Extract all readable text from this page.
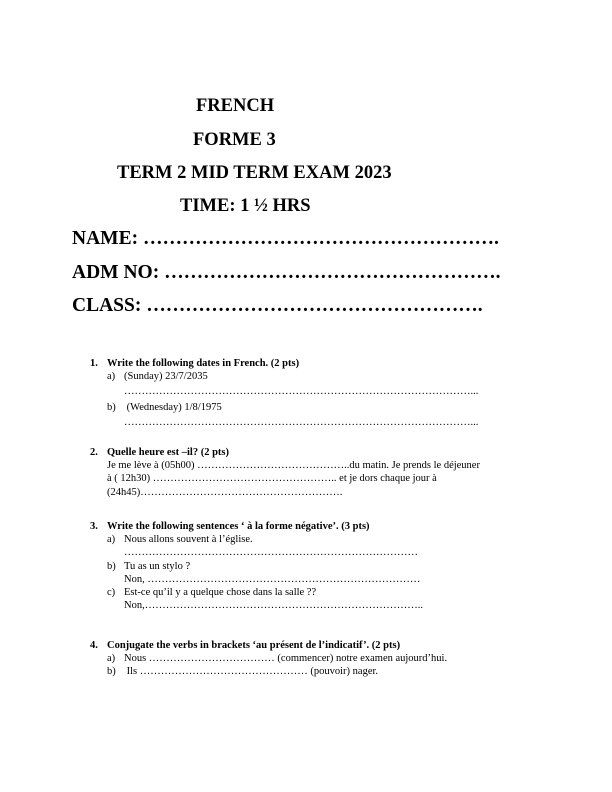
FRENCH
FORME 3
TERM 2 MID TERM EXAM 2023
TIME: 1 ½ HRS
NAME: ……………………………………………….
ADM NO: …………………………………………….
CLASS: …………………………………………….
1. Write the following dates in French. (2 pts)
a) (Sunday) 23/7/2035
………………………………………………………………………………………...
b) (Wednesday) 1/8/1975
………………………………………………………………………………………...
2. Quelle heure est –il? (2 pts)
Je me lève à (05h00) ……………………………………..du matin. Je prends le déjeuner
à ( 12h30) …………………………………………….. et je dors chaque jour à
(24h45)………………………………………………….
3. Write the following sentences ‘ à la forme négative’. (3 pts)
a) Nous allons souvent à l’église.
…………………………………………………………………………
b) Tu as un stylo ?
Non, ……………………………………………………………………
c) Est-ce qu’il y a quelque chose dans la salle ??
Non,……………………………………………………………………..
4. Conjugate the verbs in brackets ‘au présent de l’indicatif’. (2 pts)
a) Nous ……………………………… (commencer) notre examen aujourd’hui.
b) Ils ………………………………………… (pouvoir) nager.
